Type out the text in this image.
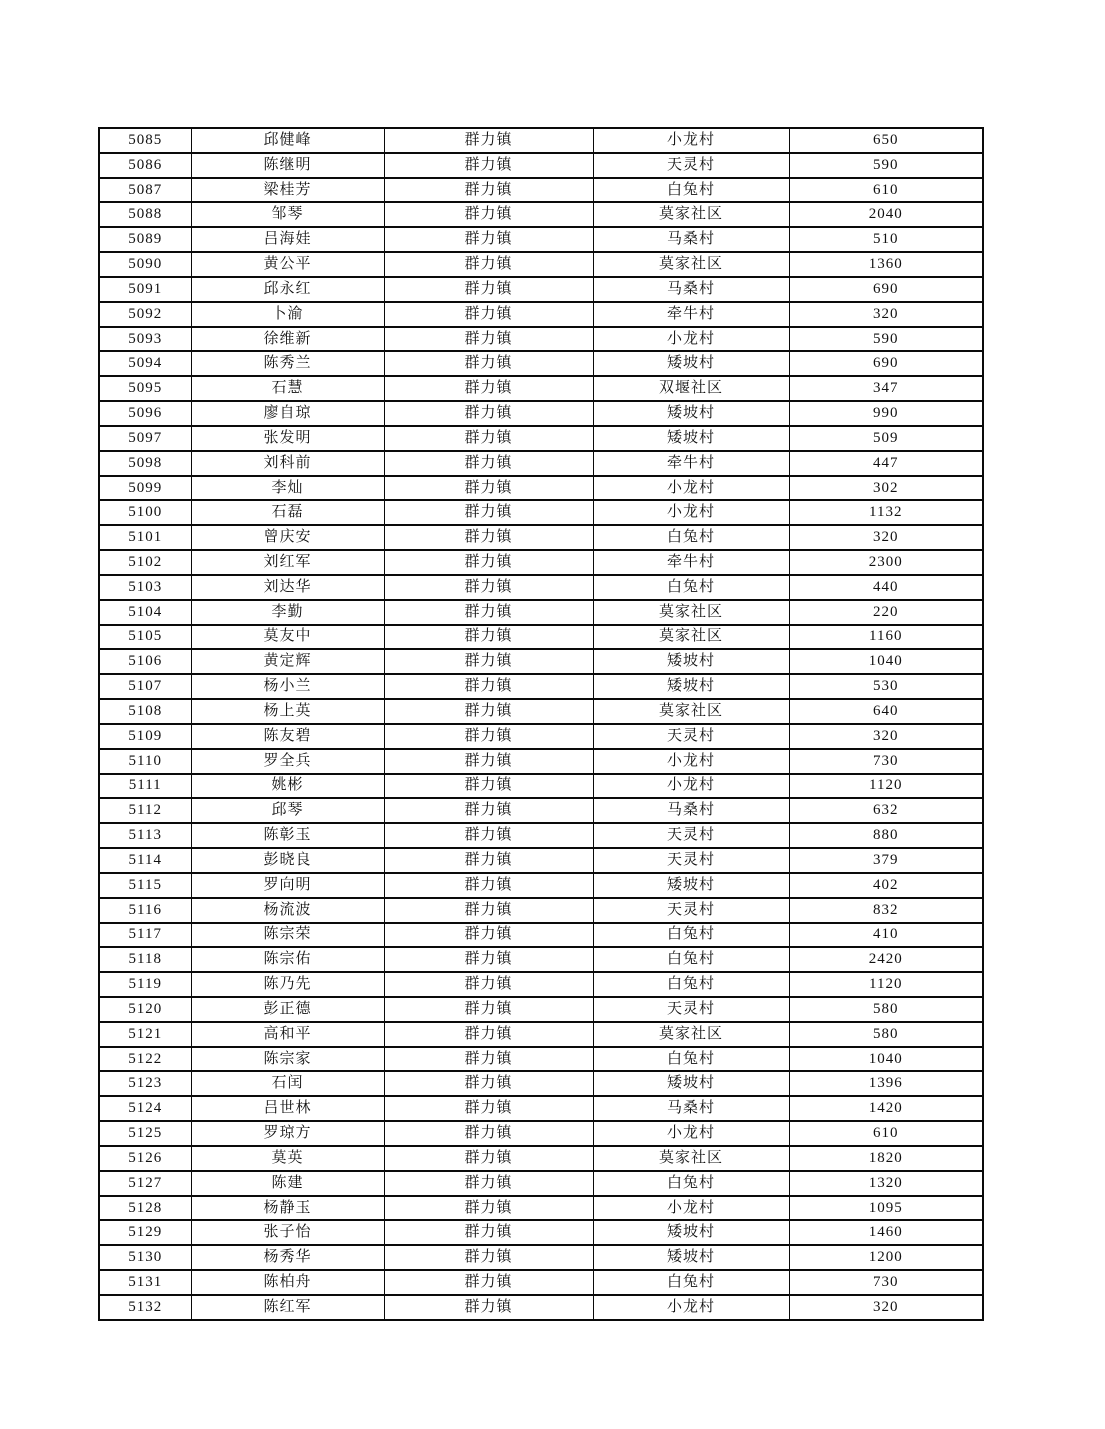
5085	邱健峰	群力镇	小龙村	650
5086	陈继明	群力镇	天灵村	590
5087	梁桂芳	群力镇	白兔村	610
5088	邹琴	群力镇	莫家社区	2040
5089	吕海娃	群力镇	马桑村	510
5090	黄公平	群力镇	莫家社区	1360
5091	邱永红	群力镇	马桑村	690
5092	卜渝	群力镇	牵牛村	320
5093	徐维新	群力镇	小龙村	590
5094	陈秀兰	群力镇	矮坡村	690
5095	石慧	群力镇	双堰社区	347
5096	廖自琼	群力镇	矮坡村	990
5097	张发明	群力镇	矮坡村	509
5098	刘科前	群力镇	牵牛村	447
5099	李灿	群力镇	小龙村	302
5100	石磊	群力镇	小龙村	1132
5101	曾庆安	群力镇	白兔村	320
5102	刘红军	群力镇	牵牛村	2300
5103	刘达华	群力镇	白兔村	440
5104	李勤	群力镇	莫家社区	220
5105	莫友中	群力镇	莫家社区	1160
5106	黄定辉	群力镇	矮坡村	1040
5107	杨小兰	群力镇	矮坡村	530
5108	杨上英	群力镇	莫家社区	640
5109	陈友碧	群力镇	天灵村	320
5110	罗全兵	群力镇	小龙村	730
5111	姚彬	群力镇	小龙村	1120
5112	邱琴	群力镇	马桑村	632
5113	陈彰玉	群力镇	天灵村	880
5114	彭晓良	群力镇	天灵村	379
5115	罗向明	群力镇	矮坡村	402
5116	杨流波	群力镇	天灵村	832
5117	陈宗荣	群力镇	白兔村	410
5118	陈宗佑	群力镇	白兔村	2420
5119	陈乃先	群力镇	白兔村	1120
5120	彭正德	群力镇	天灵村	580
5121	高和平	群力镇	莫家社区	580
5122	陈宗家	群力镇	白兔村	1040
5123	石闰	群力镇	矮坡村	1396
5124	吕世林	群力镇	马桑村	1420
5125	罗琼方	群力镇	小龙村	610
5126	莫英	群力镇	莫家社区	1820
5127	陈建	群力镇	白兔村	1320
5128	杨静玉	群力镇	小龙村	1095
5129	张子怡	群力镇	矮坡村	1460
5130	杨秀华	群力镇	矮坡村	1200
5131	陈柏舟	群力镇	白兔村	730
5132	陈红军	群力镇	小龙村	320
